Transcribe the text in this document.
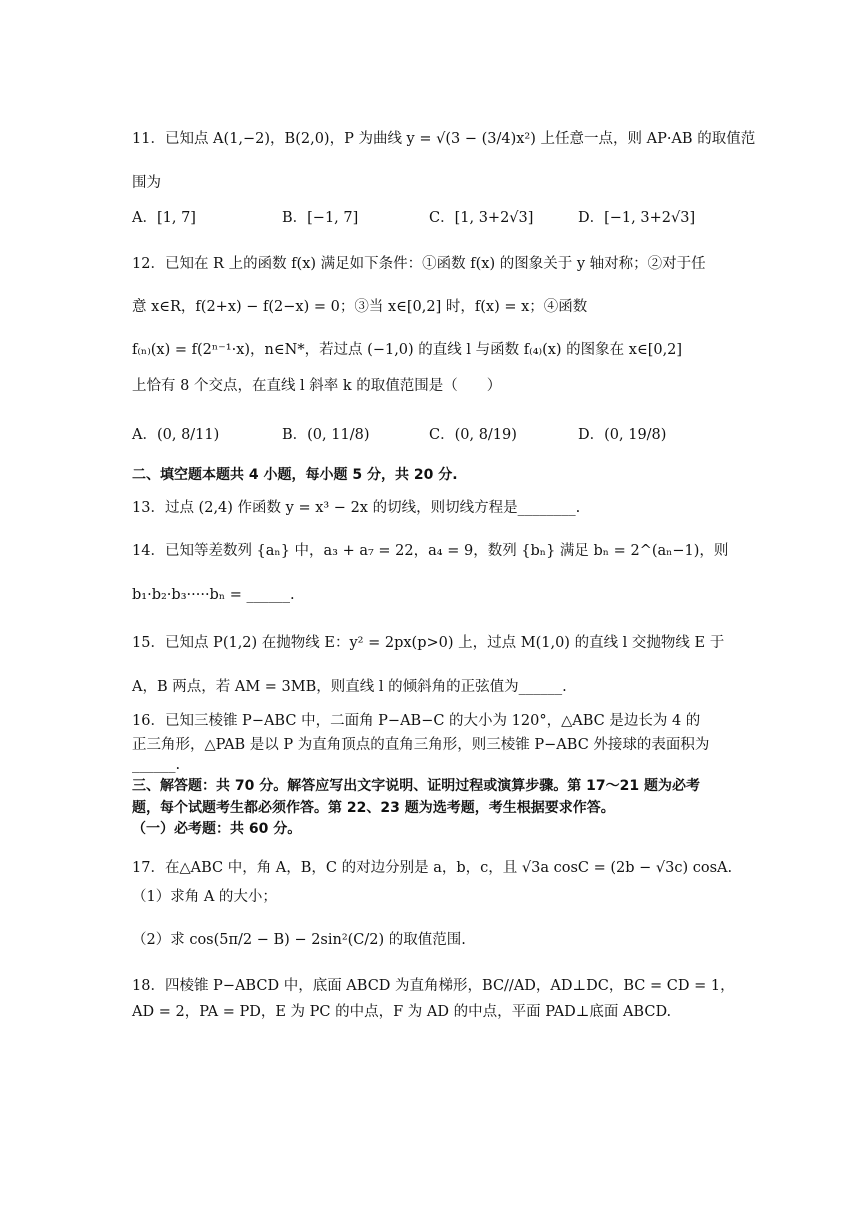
11．已知点 A(1,−2)，B(2,0)，P 为曲线 y = √(3 − (3/4)x²) 上任意一点，则 AP·AB 的取值范
围为
A．[1, 7]	B．[−1, 7]	C．[1, 3+2√3]	D．[−1, 3+2√3]
12．已知在 R 上的函数 f(x) 满足如下条件：①函数 f(x) 的图象关于 y 轴对称；②对于任
意 x∈R，f(2+x) − f(2−x) = 0；③当 x∈[0,2] 时，f(x) = x；④函数
f₍ₙ₎(x) = f(2ⁿ⁻¹·x)，n∈N*，若过点 (−1,0) 的直线 l 与函数 f₍₄₎(x) 的图象在 x∈[0,2]
上恰有 8 个交点，在直线 l 斜率 k 的取值范围是（　　）
A．(0, 8/11)	B．(0, 11/8)	C．(0, 8/19)	D．(0, 19/8)
二、填空题本题共 4 小题，每小题 5 分，共 20 分.
13．过点 (2,4) 作函数 y = x³ − 2x 的切线，则切线方程是________.
14．已知等差数列 {aₙ} 中，a₃ + a₇ = 22，a₄ = 9，数列 {bₙ} 满足 bₙ = 2^(aₙ−1)，则
b₁·b₂·b₃·····bₙ = ______.
15．已知点 P(1,2) 在抛物线 E：y² = 2px(p>0) 上，过点 M(1,0) 的直线 l 交抛物线 E 于
A，B 两点，若 AM = 3MB，则直线 l 的倾斜角的正弦值为______.
16．已知三棱锥 P−ABC 中，二面角 P−AB−C 的大小为 120°，△ABC 是边长为 4 的
正三角形，△PAB 是以 P 为直角顶点的直角三角形，则三棱锥 P−ABC 外接球的表面积为
______.
三、解答题：共 70 分。解答应写出文字说明、证明过程或演算步骤。第 17～21 题为必考
题，每个试题考生都必须作答。第 22、23 题为选考题，考生根据要求作答。
（一）必考题：共 60 分。
17．在△ABC 中，角 A，B，C 的对边分别是 a，b，c，且 √3a cosC = (2b − √3c) cosA.
（1）求角 A 的大小；
（2）求 cos(5π/2 − B) − 2sin²(C/2) 的取值范围.
18．四棱锥 P−ABCD 中，底面 ABCD 为直角梯形，BC//AD，AD⊥DC，BC = CD = 1，
AD = 2，PA = PD，E 为 PC 的中点，F 为 AD 的中点，平面 PAD⊥底面 ABCD.
